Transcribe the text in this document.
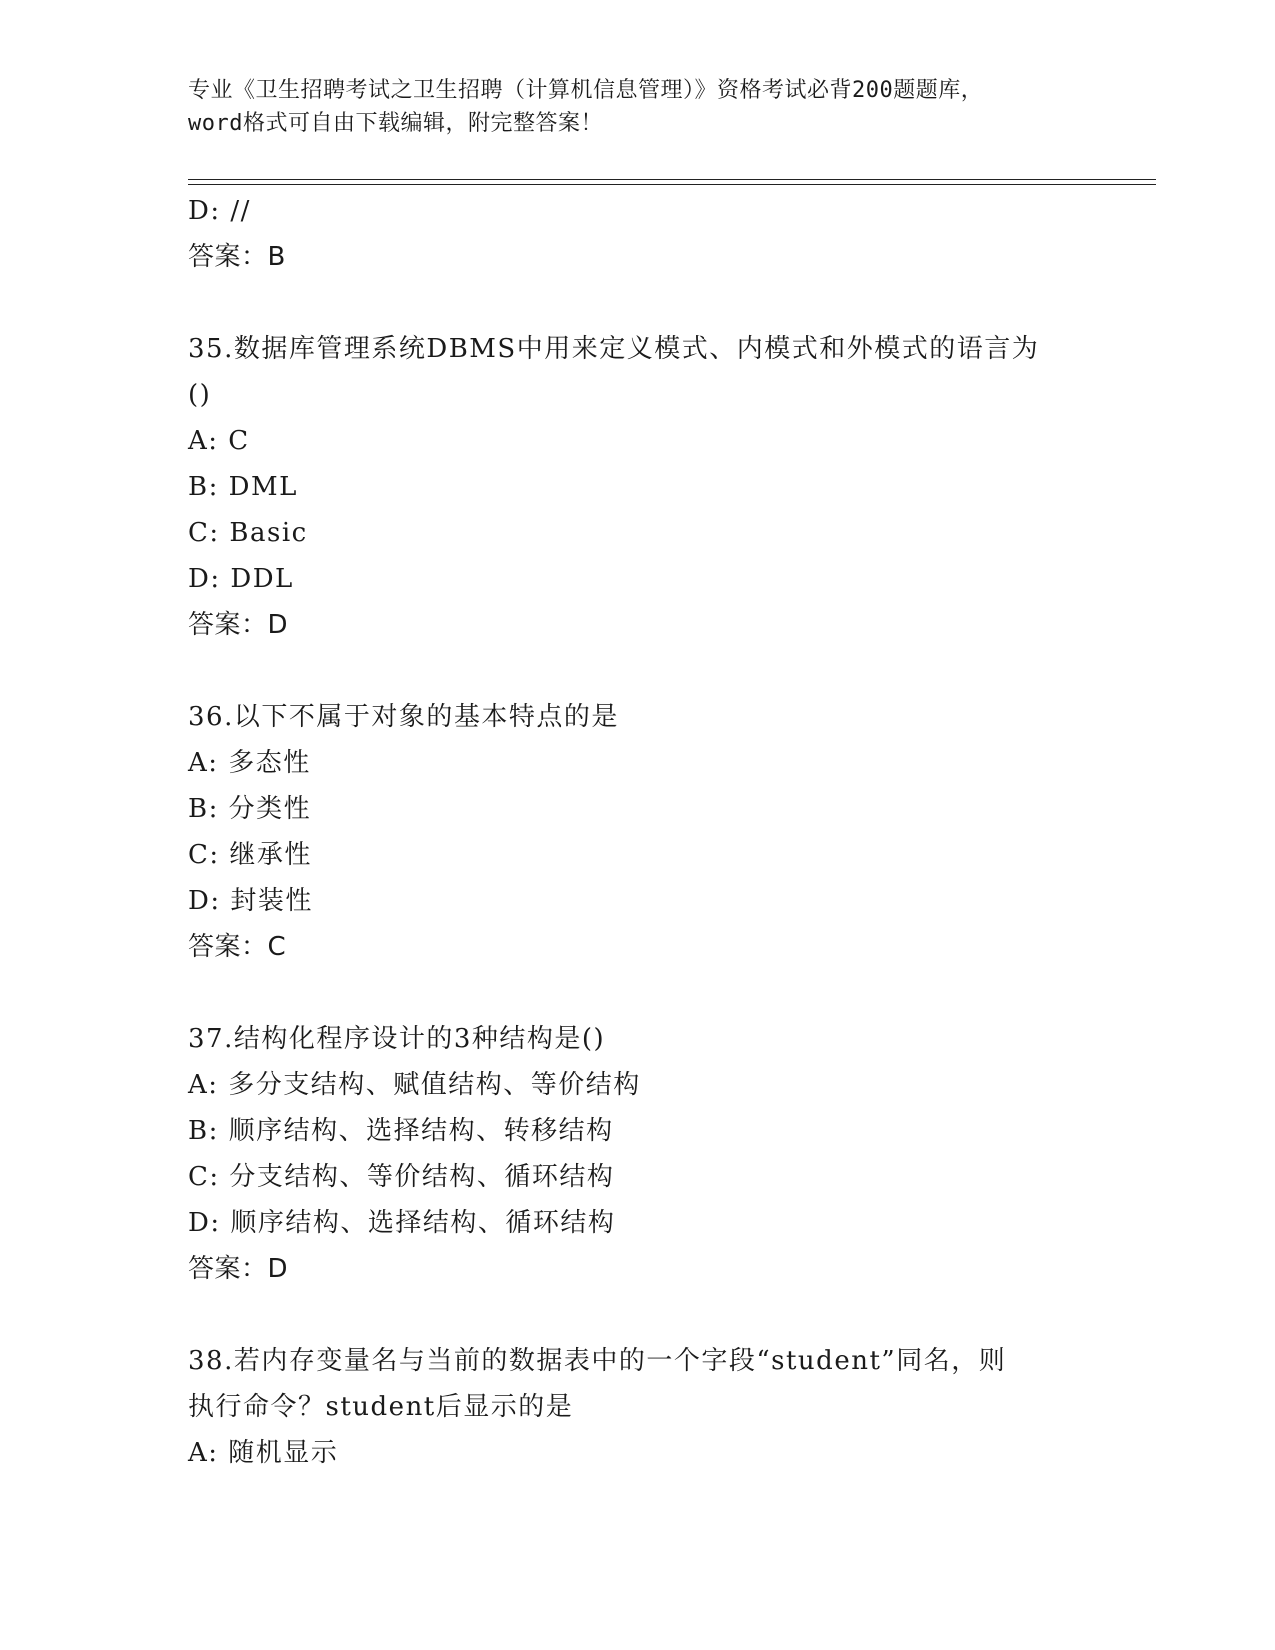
专业《卫生招聘考试之卫生招聘（计算机信息管理）》资格考试必背200题题库，
word格式可自由下载编辑，附完整答案！
D: //
答案：B
35.数据库管理系统DBMS中用来定义模式、内模式和外模式的语言为
()
A: C
B: DML
C: Basic
D: DDL
答案：D
36.以下不属于对象的基本特点的是
A: 多态性
B: 分类性
C: 继承性
D: 封装性
答案：C
37.结构化程序设计的3种结构是()
A: 多分支结构、赋值结构、等价结构
B: 顺序结构、选择结构、转移结构
C: 分支结构、等价结构、循环结构
D: 顺序结构、选择结构、循环结构
答案：D
38.若内存变量名与当前的数据表中的一个字段“student”同名，则
执行命令？student后显示的是
A: 随机显示
